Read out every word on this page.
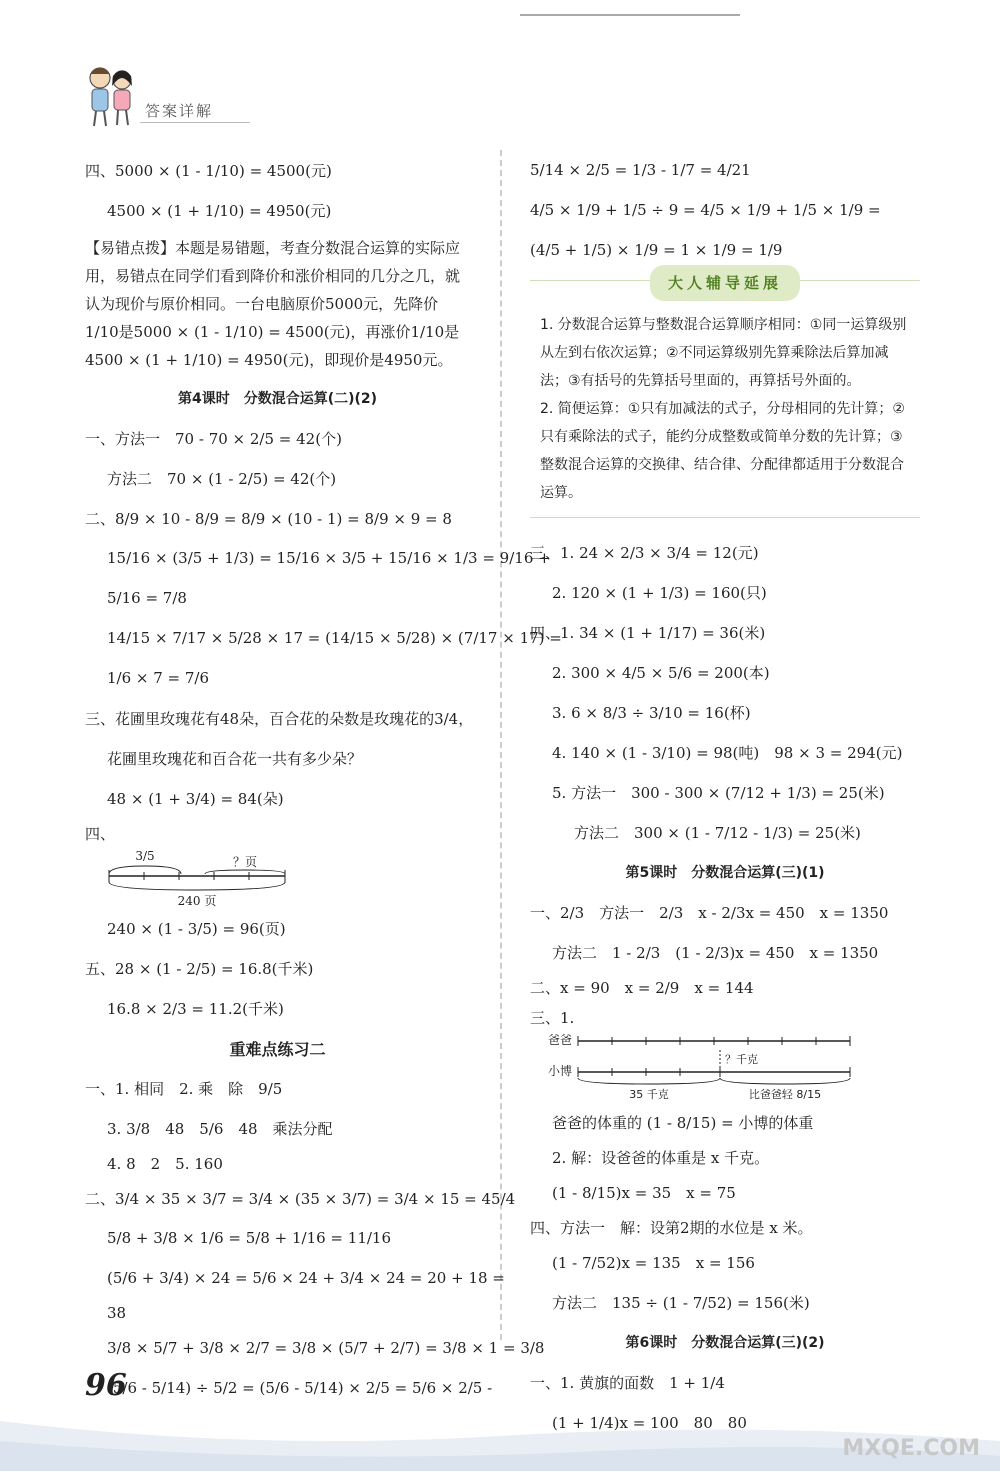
答案详解
四、5000 × (1 - 1/10) = 4500(元)
4500 × (1 + 1/10) = 4950(元)
【易错点拨】本题是易错题，考查分数混合运算的实际应用，易错点在同学们看到降价和涨价相同的几分之几，就认为现价与原价相同。一台电脑原价5000元，先降价1/10是5000 × (1 - 1/10) = 4500(元)，再涨价1/10是4500 × (1 + 1/10) = 4950(元)，即现价是4950元。
第4课时　分数混合运算(二)(2)
一、方法一　70 - 70 × 2/5 = 42(个)
方法二　70 × (1 - 2/5) = 42(个)
二、8/9 × 10 - 8/9 = 8/9 × (10 - 1) = 8/9 × 9 = 8
15/16 × (3/5 + 1/3) = 15/16 × 3/5 + 15/16 × 1/3 = 9/16 +
5/16 = 7/8
14/15 × 7/17 × 5/28 × 17 = (14/15 × 5/28) × (7/17 × 17) =
1/6 × 7 = 7/6
三、花圃里玫瑰花有48朵，百合花的朵数是玫瑰花的3/4，
花圃里玫瑰花和百合花一共有多少朵？
48 × (1 + 3/4) = 84(朵)
四、
3/5	？页
240 页
240 × (1 - 3/5) = 96(页)
五、28 × (1 - 2/5) = 16.8(千米)
16.8 × 2/3 = 11.2(千米)
重难点练习二
一、1. 相同　2. 乘　除　9/5
3. 3/8　48　5/6　48　乘法分配
4. 8　2　5. 160
二、3/4 × 35 × 3/7 = 3/4 × (35 × 3/7) = 3/4 × 15 = 45/4
5/8 + 3/8 × 1/6 = 5/8 + 1/16 = 11/16
(5/6 + 3/4) × 24 = 5/6 × 24 + 3/4 × 24 = 20 + 18 =
38
3/8 × 5/7 + 3/8 × 2/7 = 3/8 × (5/7 + 2/7) = 3/8 × 1 = 3/8
(5/6 - 5/14) ÷ 5/2 = (5/6 - 5/14) × 2/5 = 5/6 × 2/5 -
5/14 × 2/5 = 1/3 - 1/7 = 4/21
4/5 × 1/9 + 1/5 ÷ 9 = 4/5 × 1/9 + 1/5 × 1/9 =
(4/5 + 1/5) × 1/9 = 1 × 1/9 = 1/9
大人辅导延展

1. 分数混合运算与整数混合运算顺序相同：①同一运算级别从左到右依次运算；②不同运算级别先算乘除法后算加减法；③有括号的先算括号里面的，再算括号外面的。

2. 简便运算：①只有加减法的式子，分母相同的先计算；②只有乘除法的式子，能约分成整数或简单分数的先计算；③整数混合运算的交换律、结合律、分配律都适用于分数混合运算。

三、1. 24 × 2/3 × 3/4 = 12(元)
2. 120 × (1 + 1/3) = 160(只)
四、1. 34 × (1 + 1/17) = 36(米)
2. 300 × 4/5 × 5/6 = 200(本)
3. 6 × 8/3 ÷ 3/10 = 16(杯)
4. 140 × (1 - 3/10) = 98(吨)　98 × 3 = 294(元)
5. 方法一　300 - 300 × (7/12 + 1/3) = 25(米)
方法二　300 × (1 - 7/12 - 1/3) = 25(米)
第5课时　分数混合运算(三)(1)
一、2/3　方法一　2/3　x - 2/3x = 450　x = 1350
方法二　1 - 2/3　(1 - 2/3)x = 450　x = 1350
二、x = 90　x = 2/9　x = 144
三、1.
爸爸
？千克
小博
35 千克	比爸爸轻 8/15
爸爸的体重的 (1 - 8/15) = 小博的体重
2. 解：设爸爸的体重是 x 千克。
(1 - 8/15)x = 35　x = 75
四、方法一　解：设第2期的水位是 x 米。
(1 - 7/52)x = 135　x = 156
方法二　135 ÷ (1 - 7/52) = 156(米)
第6课时　分数混合运算(三)(2)
一、1. 黄旗的面数　1 + 1/4
(1 + 1/4)x = 100　80　80
96
MXQE.COM
